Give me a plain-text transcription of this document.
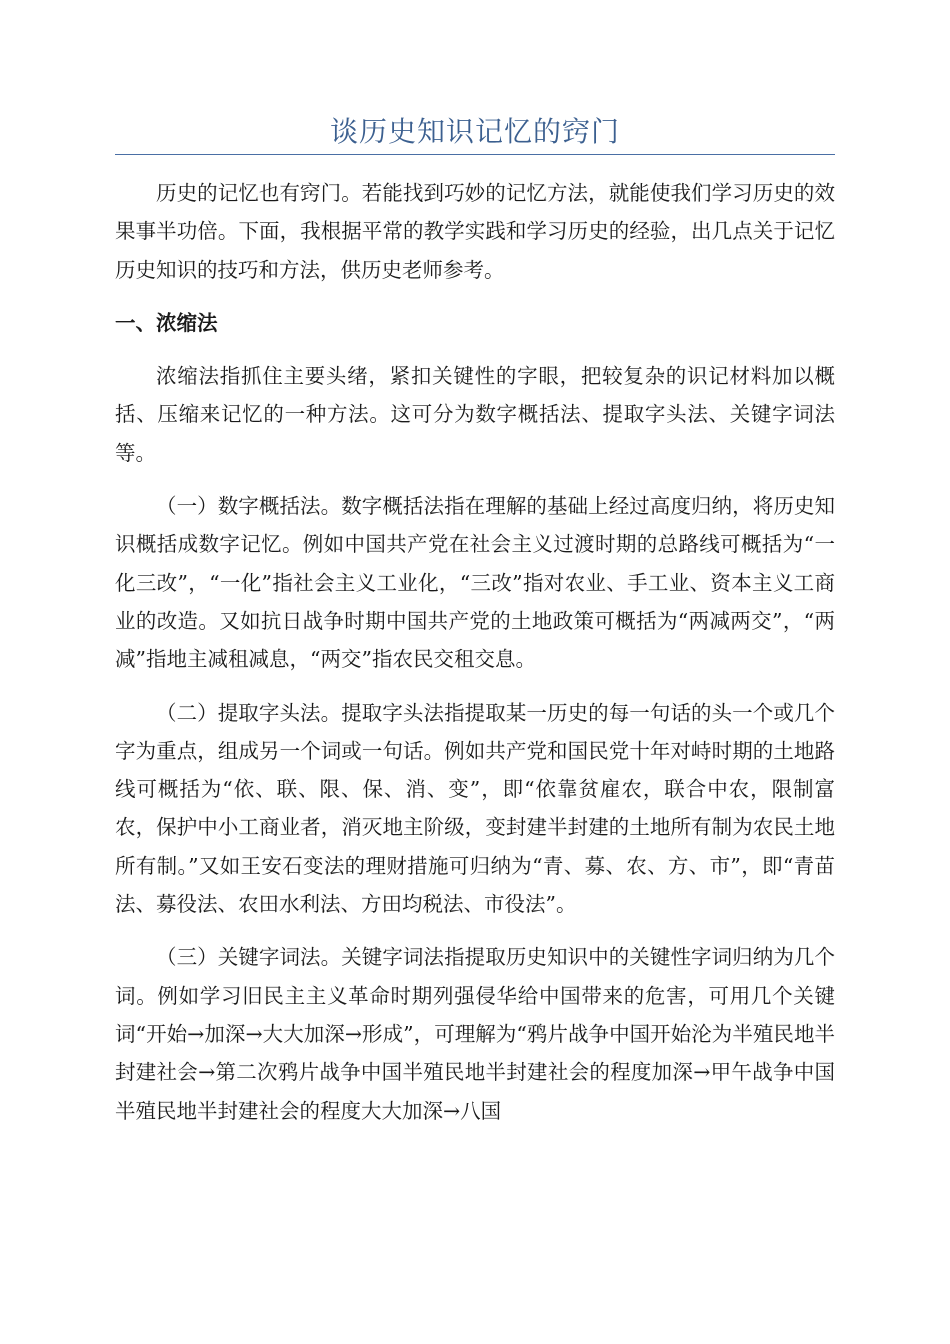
谈历史知识记忆的窍门

历史的记忆也有窍门。若能找到巧妙的记忆方法，就能使我们学习历史的效果事半功倍。下面，我根据平常的教学实践和学习历史的经验，出几点关于记忆历史知识的技巧和方法，供历史老师参考。

一、浓缩法

浓缩法指抓住主要头绪，紧扣关键性的字眼，把较复杂的识记材料加以概括、压缩来记忆的一种方法。这可分为数字概括法、提取字头法、关键字词法等。

（一）数字概括法。数字概括法指在理解的基础上经过高度归纳，将历史知识概括成数字记忆。例如中国共产党在社会主义过渡时期的总路线可概括为“一化三改”，“一化”指社会主义工业化，“三改”指对农业、手工业、资本主义工商业的改造。又如抗日战争时期中国共产党的土地政策可概括为“两减两交”，“两减”指地主减租减息，“两交”指农民交租交息。

（二）提取字头法。提取字头法指提取某一历史的每一句话的头一个或几个字为重点，组成另一个词或一句话。例如共产党和国民党十年对峙时期的土地路线可概括为“依、联、限、保、消、变”，即“依靠贫雇农，联合中农，限制富农，保护中小工商业者，消灭地主阶级，变封建半封建的土地所有制为农民土地所有制。”又如王安石变法的理财措施可归纳为“青、募、农、方、市”，即“青苗法、募役法、农田水利法、方田均税法、市役法”。

（三）关键字词法。关键字词法指提取历史知识中的关键性字词归纳为几个词。例如学习旧民主主义革命时期列强侵华给中国带来的危害，可用几个关键词“开始→加深→大大加深→形成”，可理解为“鸦片战争中国开始沦为半殖民地半封建社会→第二次鸦片战争中国半殖民地半封建社会的程度加深→甲午战争中国半殖民地半封建社会的程度大大加深→八国
